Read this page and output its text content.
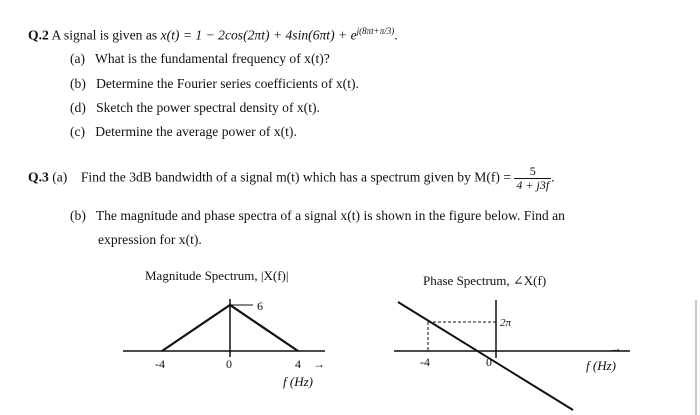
Q.2 A signal is given as $x(t) = 1 - 2\cos(2\pi t) + 4\sin(6\pi t) + e^{j(8\pi t+\pi/3)}$.
(a) What is the fundamental frequency of x(t)?
(b) Determine the Fourier series coefficients of x(t).
(d) Sketch the power spectral density of x(t).
(c) Determine the average power of x(t).
Q.3 (a) Find the 3dB bandwidth of a signal m(t) which has a spectrum given by $M(f) = \frac{5}{4 + j3f}$ .
(b) The magnitude and phase spectra of a signal x(t) is shown in the figure below. Find an
expression for x(t).
Magnitude Spectrum, |X(f)|
6
-4	0	4 →
f (Hz)
Phase Spectrum, ∠X(f)
2π
-4	0
→
f (Hz)
